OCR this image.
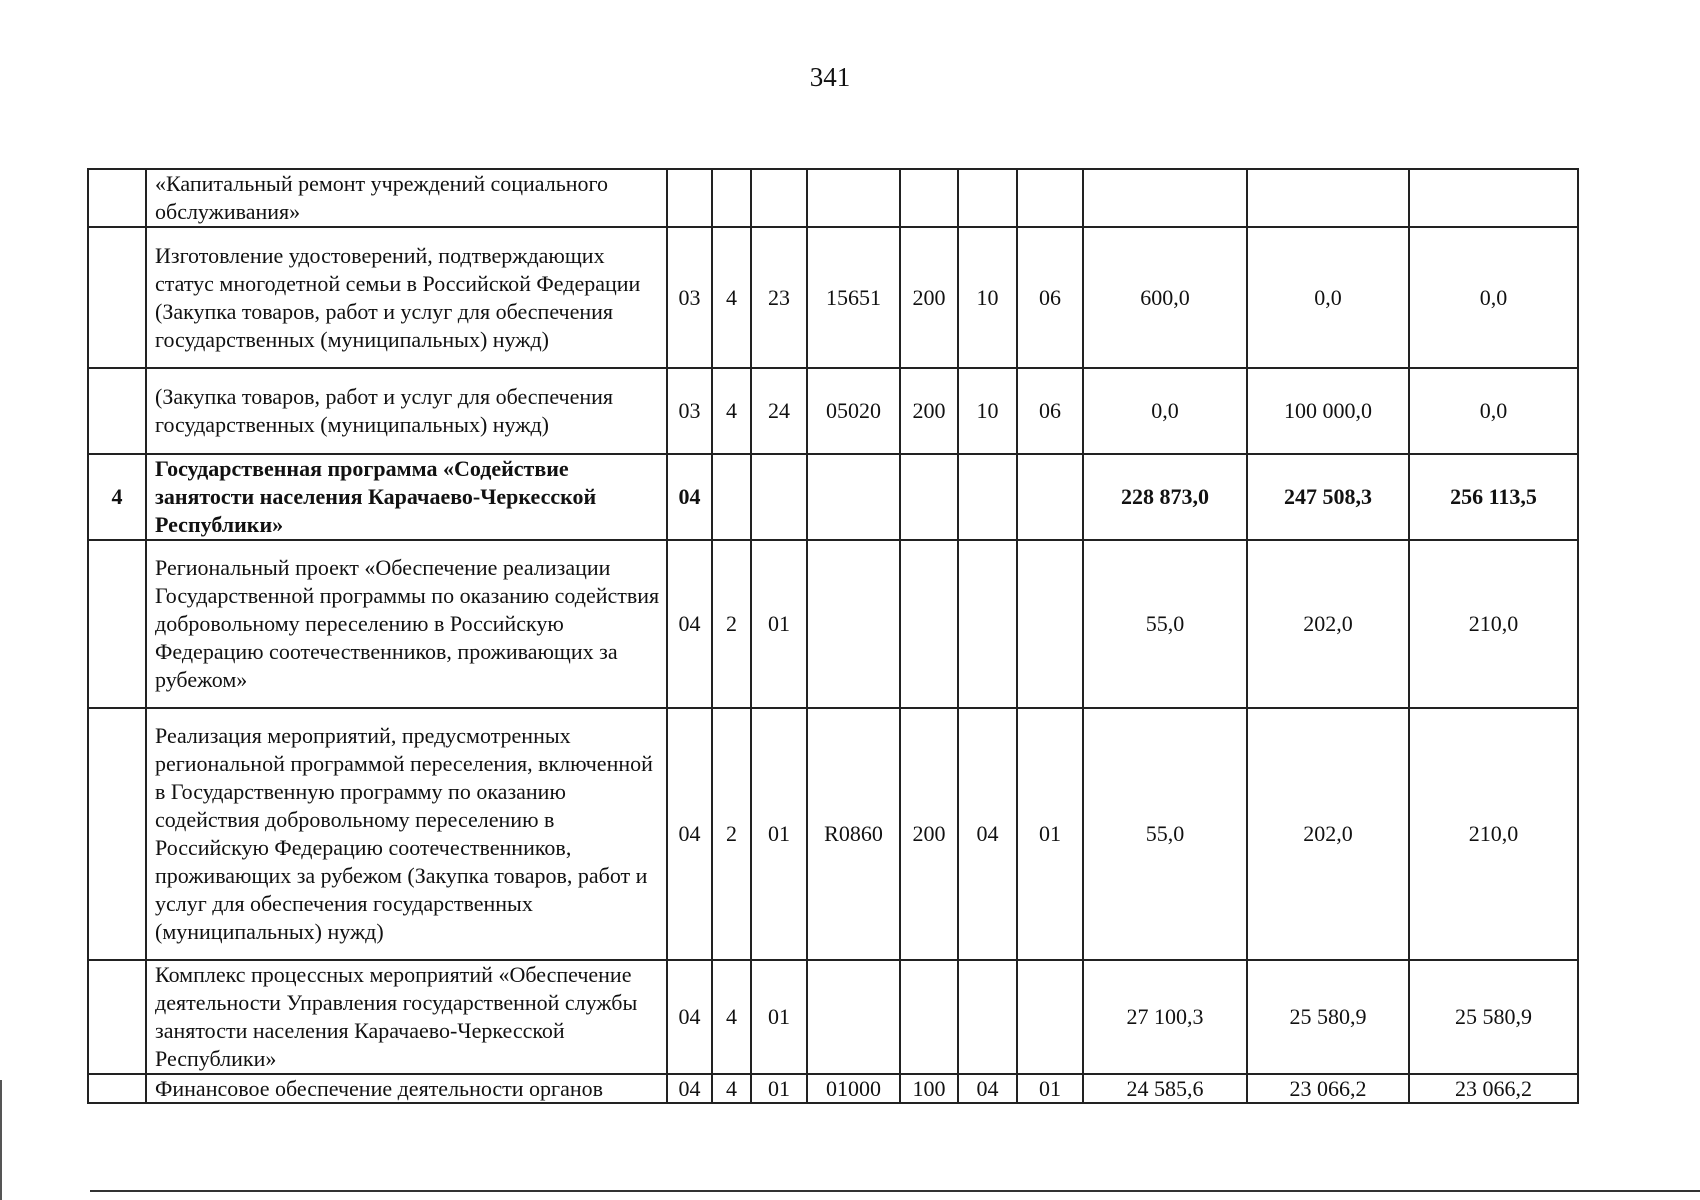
341
	«Капитальный ремонт учреждений социального обслуживания»										
	Изготовление удостоверений, подтверждающих статус многодетной семьи в Российской Федерации (Закупка товаров, работ и услуг для обеспечения государственных (муниципальных) нужд)	03	4	23	15651	200	10	06	600,0	0,0	0,0
	(Закупка товаров, работ и услуг для обеспечения государственных (муниципальных) нужд)	03	4	24	05020	200	10	06	0,0	100 000,0	0,0
4	Государственная программа «Содействие занятости населения Карачаево-Черкесской Республики»	04							228 873,0	247 508,3	256 113,5
	Региональный проект «Обеспечение реализации Государственной программы по оказанию содействия добровольному переселению в Российскую Федерацию соотечественников, проживающих за рубежом»	04	2	01					55,0	202,0	210,0
	Реализация мероприятий, предусмотренных региональной программой переселения, включенной в Государственную программу по оказанию содействия добровольному переселению в Российскую Федерацию соотечественников, проживающих за рубежом (Закупка товаров, работ и услуг для обеспечения государственных (муниципальных) нужд)	04	2	01	R0860	200	04	01	55,0	202,0	210,0
	Комплекс процессных мероприятий «Обеспечение деятельности Управления государственной службы занятости населения Карачаево-Черкесской Республики»	04	4	01					27 100,3	25 580,9	25 580,9
	Финансовое обеспечение деятельности органов	04	4	01	01000	100	04	01	24 585,6	23 066,2	23 066,2
